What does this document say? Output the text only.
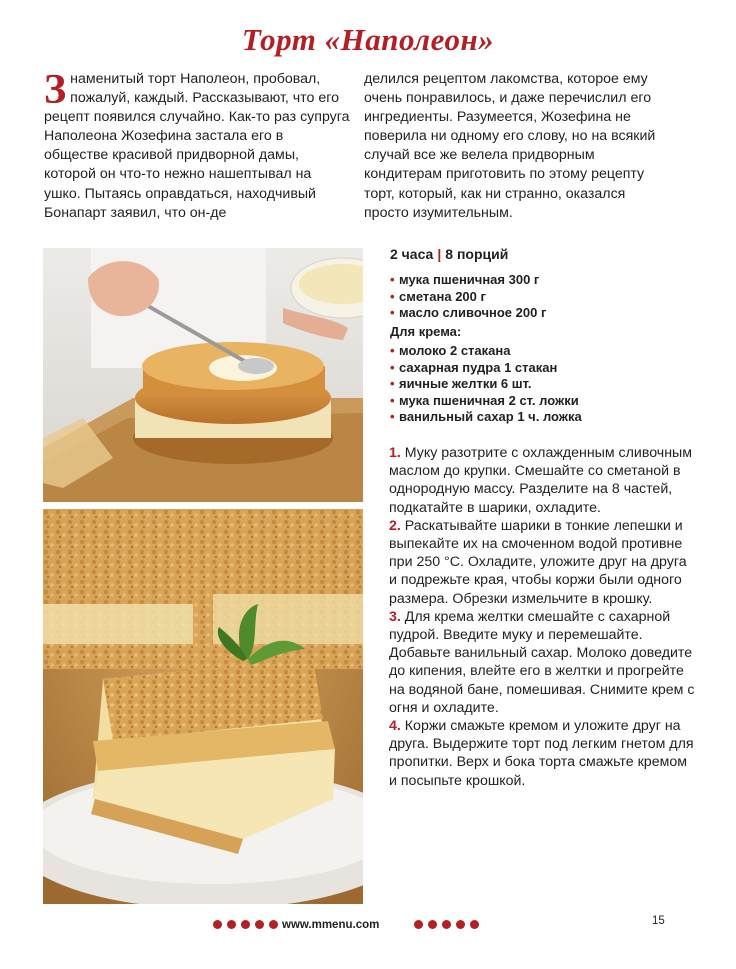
Торт «Наполеон»
З наменитый торт Наполеон, пробовал, пожалуй, каждый. Рассказывают, что его рецепт появился случайно. Как-то раз супруга Наполеона Жозефина застала его в обществе красивой придворной дамы, которой он что-то нежно нашептывал на ушко. Пытаясь оправдаться, находчивый Бонапарт заявил, что он-де

делился рецептом лакомства, которое ему очень понравилось, и даже перечислил его ингредиенты. Разумеется, Жозефина не поверила ни одному его слову, но на всякий случай все же велела придворным кондитерам приготовить по этому рецепту торт, который, как ни странно, оказался просто изумительным.

2 часа | 8 порций
• мука пшеничная 300 г
• сметана 200 г
• масло сливочное 200 г
Для крема:
• молоко 2 стакана
• сахарная пудра 1 стакан
• яичные желтки 6 шт.
• мука пшеничная 2 ст. ложки
• ванильный сахар 1 ч. ложка

1. Муку разотрите с охлажденным сливочным маслом до крупки. Смешайте со сметаной в однородную массу. Разделите на 8 частей, подкатайте в шарики, охладите.

2. Раскатывайте шарики в тонкие лепешки и выпекайте их на смоченном водой противне при 250 °С. Охладите, уложите друг на друга и подрежьте края, чтобы коржи были одного размера. Обрезки измельчите в крошку.

3. Для крема желтки смешайте с сахарной пудрой. Введите муку и перемешайте. Добавьте ванильный сахар. Молоко доведите до кипения, влейте его в желтки и прогрейте на водяной бане, помешивая. Снимите крем с огня и охладите.

4. Коржи смажьте кремом и уложите друг на друга. Выдержите торт под легким гнетом для пропитки. Верх и бока торта смажьте кремом и посыпьте крошкой.

www.mmenu.com	15
